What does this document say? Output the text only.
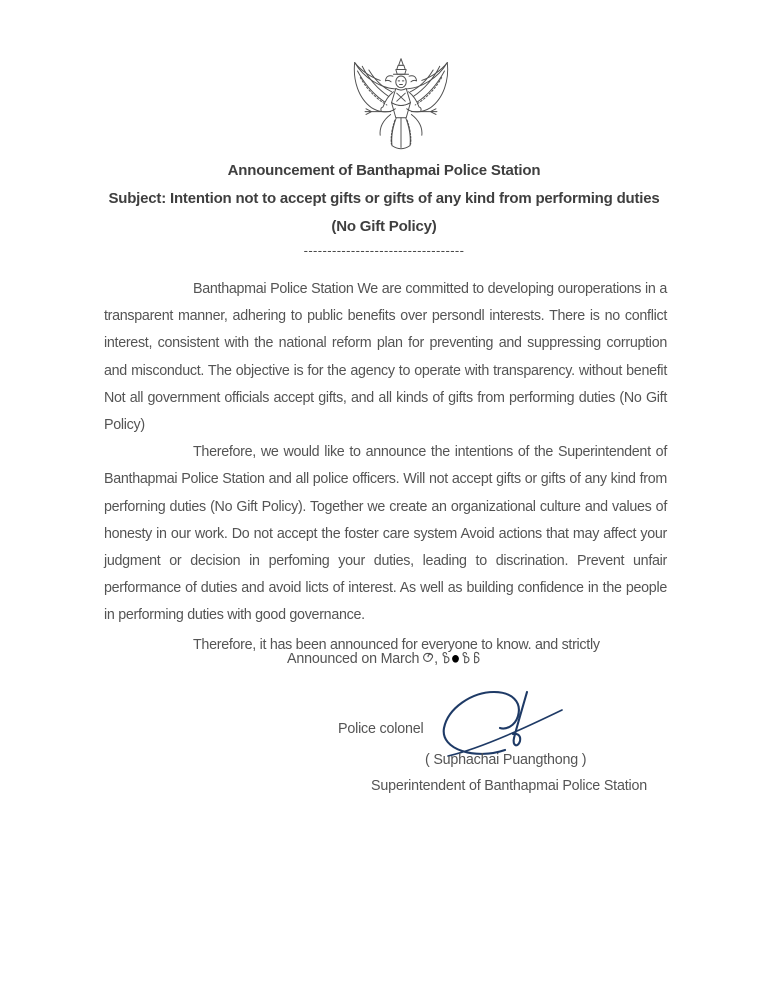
Announcement of Banthapmai Police Station
Subject: Intention not to accept gifts or gifts of any kind from performing duties
(No Gift Policy)
----------------------------------

Banthapmai Police Station We are committed to developing ouroperations in a transparent manner, adhering to public benefits over persondl interests. There is no conflict interest, consistent with the national reform plan for preventing and suppressing corruption and misconduct. The objective is for the agency to operate with transparency. without benefit Not all government officials accept gifts, and all kinds of gifts from performing duties (No Gift Policy)

Therefore, we would like to announce the intentions of the Superintendent of Banthapmai Police Station and all police officers. Will not accept gifts or gifts of any kind from perforning duties (No Gift Policy). Together we create an organizational culture and values of honesty in our work. Do not accept the foster care system Avoid actions that may affect your judgment or decision in perfoming your duties, leading to discrination. Prevent unfair performance of duties and avoid licts of interest. As well as building confidence in the people in performing duties with good governance.

Therefore, it has been announced for everyone to know. and strictly

Announced on March ,
Police colonel
( Suphachai Puangthong )
Superintendent of Banthapmai Police Station
